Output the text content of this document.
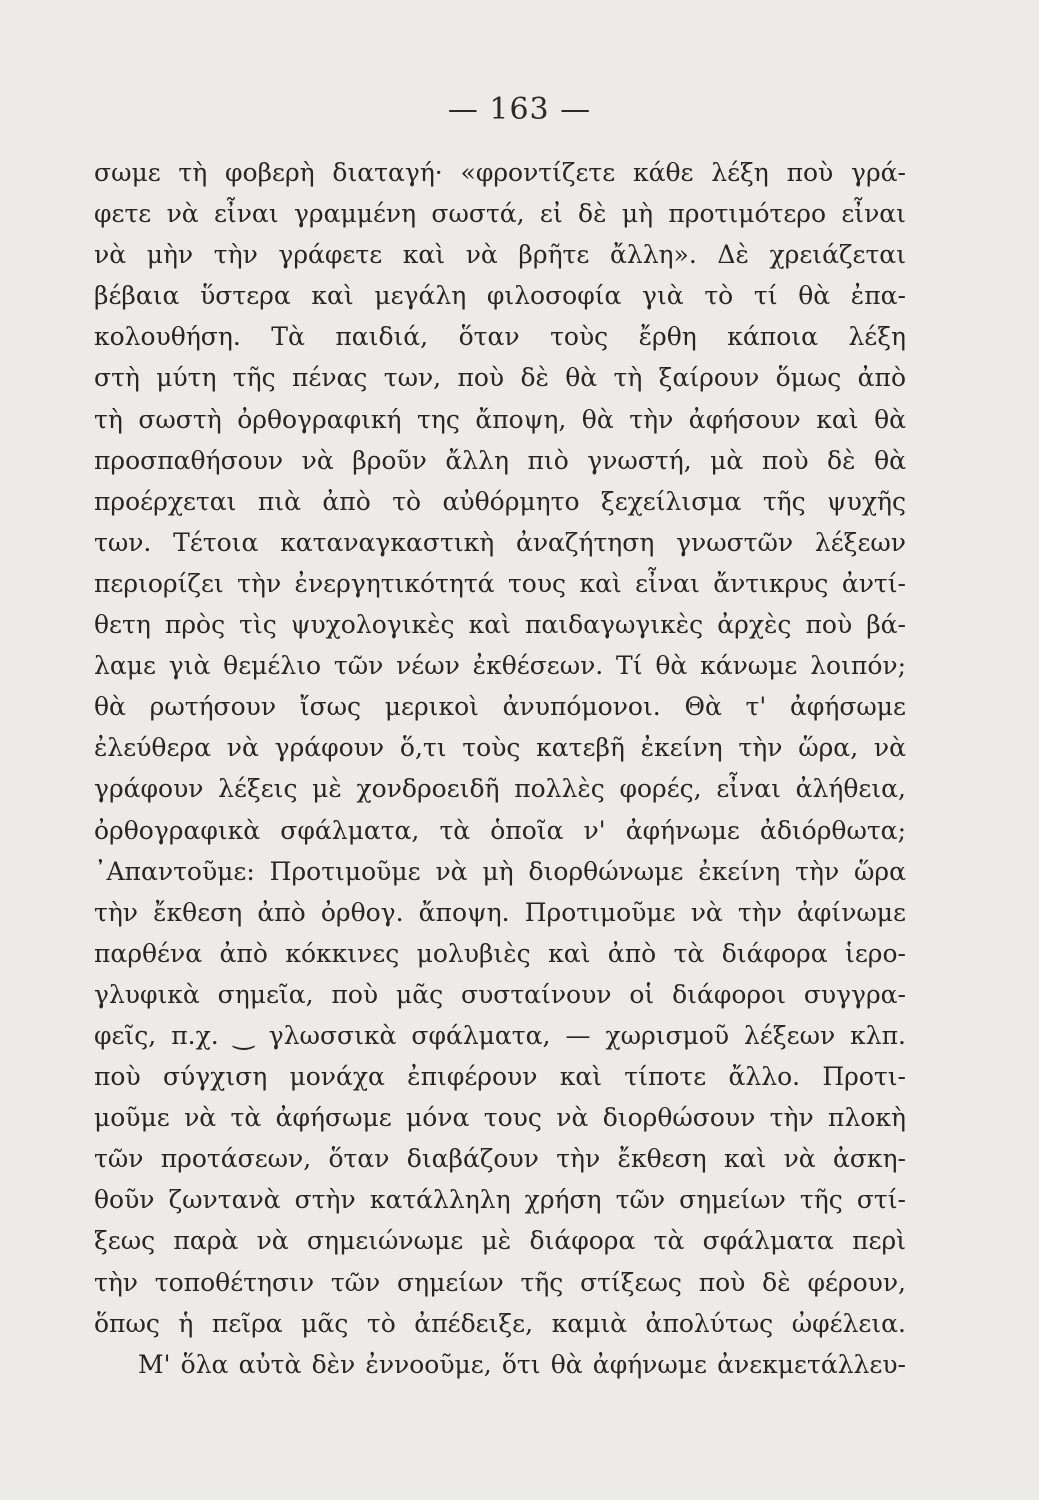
— 163 —
σωμε τὴ φοβερὴ διαταγή· «φροντίζετε κάθε λέξη ποὺ γρά-
φετε νὰ εἶναι γραμμένη σωστά, εἰ δὲ μὴ προτιμότερο εἶναι
νὰ μὴν τὴν γράφετε καὶ νὰ βρῆτε ἄλλη». Δὲ χρειάζεται
βέβαια ὕστερα καὶ μεγάλη φιλοσοφία γιὰ τὸ τί θὰ ἐπα-
κολουθήση. Τὰ παιδιά, ὅταν τοὺς ἔρθη κάποια λέξη
στὴ μύτη τῆς πένας των, ποὺ δὲ θὰ τὴ ξαίρουν ὅμως ἀπὸ
τὴ σωστὴ ὀρθογραφική της ἄποψη, θὰ τὴν ἀφήσουν καὶ θὰ
προσπαθήσουν νὰ βροῦν ἄλλη πιὸ γνωστή, μὰ ποὺ δὲ θὰ
προέρχεται πιὰ ἀπὸ τὸ αὐθόρμητο ξεχείλισμα τῆς ψυχῆς
των. Τέτοια καταναγκαστικὴ ἀναζήτηση γνωστῶν λέξεων
περιορίζει τὴν ἐνεργητικότητά τους καὶ εἶναι ἄντικρυς ἀντί-
θετη πρὸς τὶς ψυχολογικὲς καὶ παιδαγωγικὲς ἀρχὲς ποὺ βά-
λαμε γιὰ θεμέλιο τῶν νέων ἐκθέσεων. Τί θὰ κάνωμε λοιπόν;
θὰ ρωτήσουν ἴσως μερικοὶ ἀνυπόμονοι. Θὰ τ' ἀφήσωμε
ἐλεύθερα νὰ γράφουν ὅ,τι τοὺς κατεβῆ ἐκείνη τὴν ὥρα, νὰ
γράφουν λέξεις μὲ χονδροειδῆ πολλὲς φορές, εἶναι ἀλήθεια,
ὀρθογραφικὰ σφάλματα, τὰ ὁποῖα ν' ἀφήνωμε ἀδιόρθωτα;
᾿Απαντοῦμε: Προτιμοῦμε νὰ μὴ διορθώνωμε ἐκείνη τὴν ὥρα
τὴν ἔκθεση ἀπὸ ὀρθογ. ἄποψη. Προτιμοῦμε νὰ τὴν ἀφίνωμε
παρθένα ἀπὸ κόκκινες μολυβιὲς καὶ ἀπὸ τὰ διάφορα ἱερο-
γλυφικὰ σημεῖα, ποὺ μᾶς συσταίνουν οἱ διάφοροι συγγρα-
φεῖς, π.χ. ‿ γλωσσικὰ σφάλματα, — χωρισμοῦ λέξεων κλπ.
ποὺ σύγχιση μονάχα ἐπιφέρουν καὶ τίποτε ἄλλο. Προτι-
μοῦμε νὰ τὰ ἀφήσωμε μόνα τους νὰ διορθώσουν τὴν πλοκὴ
τῶν προτάσεων, ὅταν διαβάζουν τὴν ἔκθεση καὶ νὰ ἀσκη-
θοῦν ζωντανὰ στὴν κατάλληλη χρήση τῶν σημείων τῆς στί-
ξεως παρὰ νὰ σημειώνωμε μὲ διάφορα τὰ σφάλματα περὶ
τὴν τοποθέτησιν τῶν σημείων τῆς στίξεως ποὺ δὲ φέρουν,
ὅπως ἡ πεῖρα μᾶς τὸ ἀπέδειξε, καμιὰ ἀπολύτως ὠφέλεια.
Μ' ὅλα αὐτὰ δὲν ἐννοοῦμε, ὅτι θὰ ἀφήνωμε ἀνεκμετάλλευ-
